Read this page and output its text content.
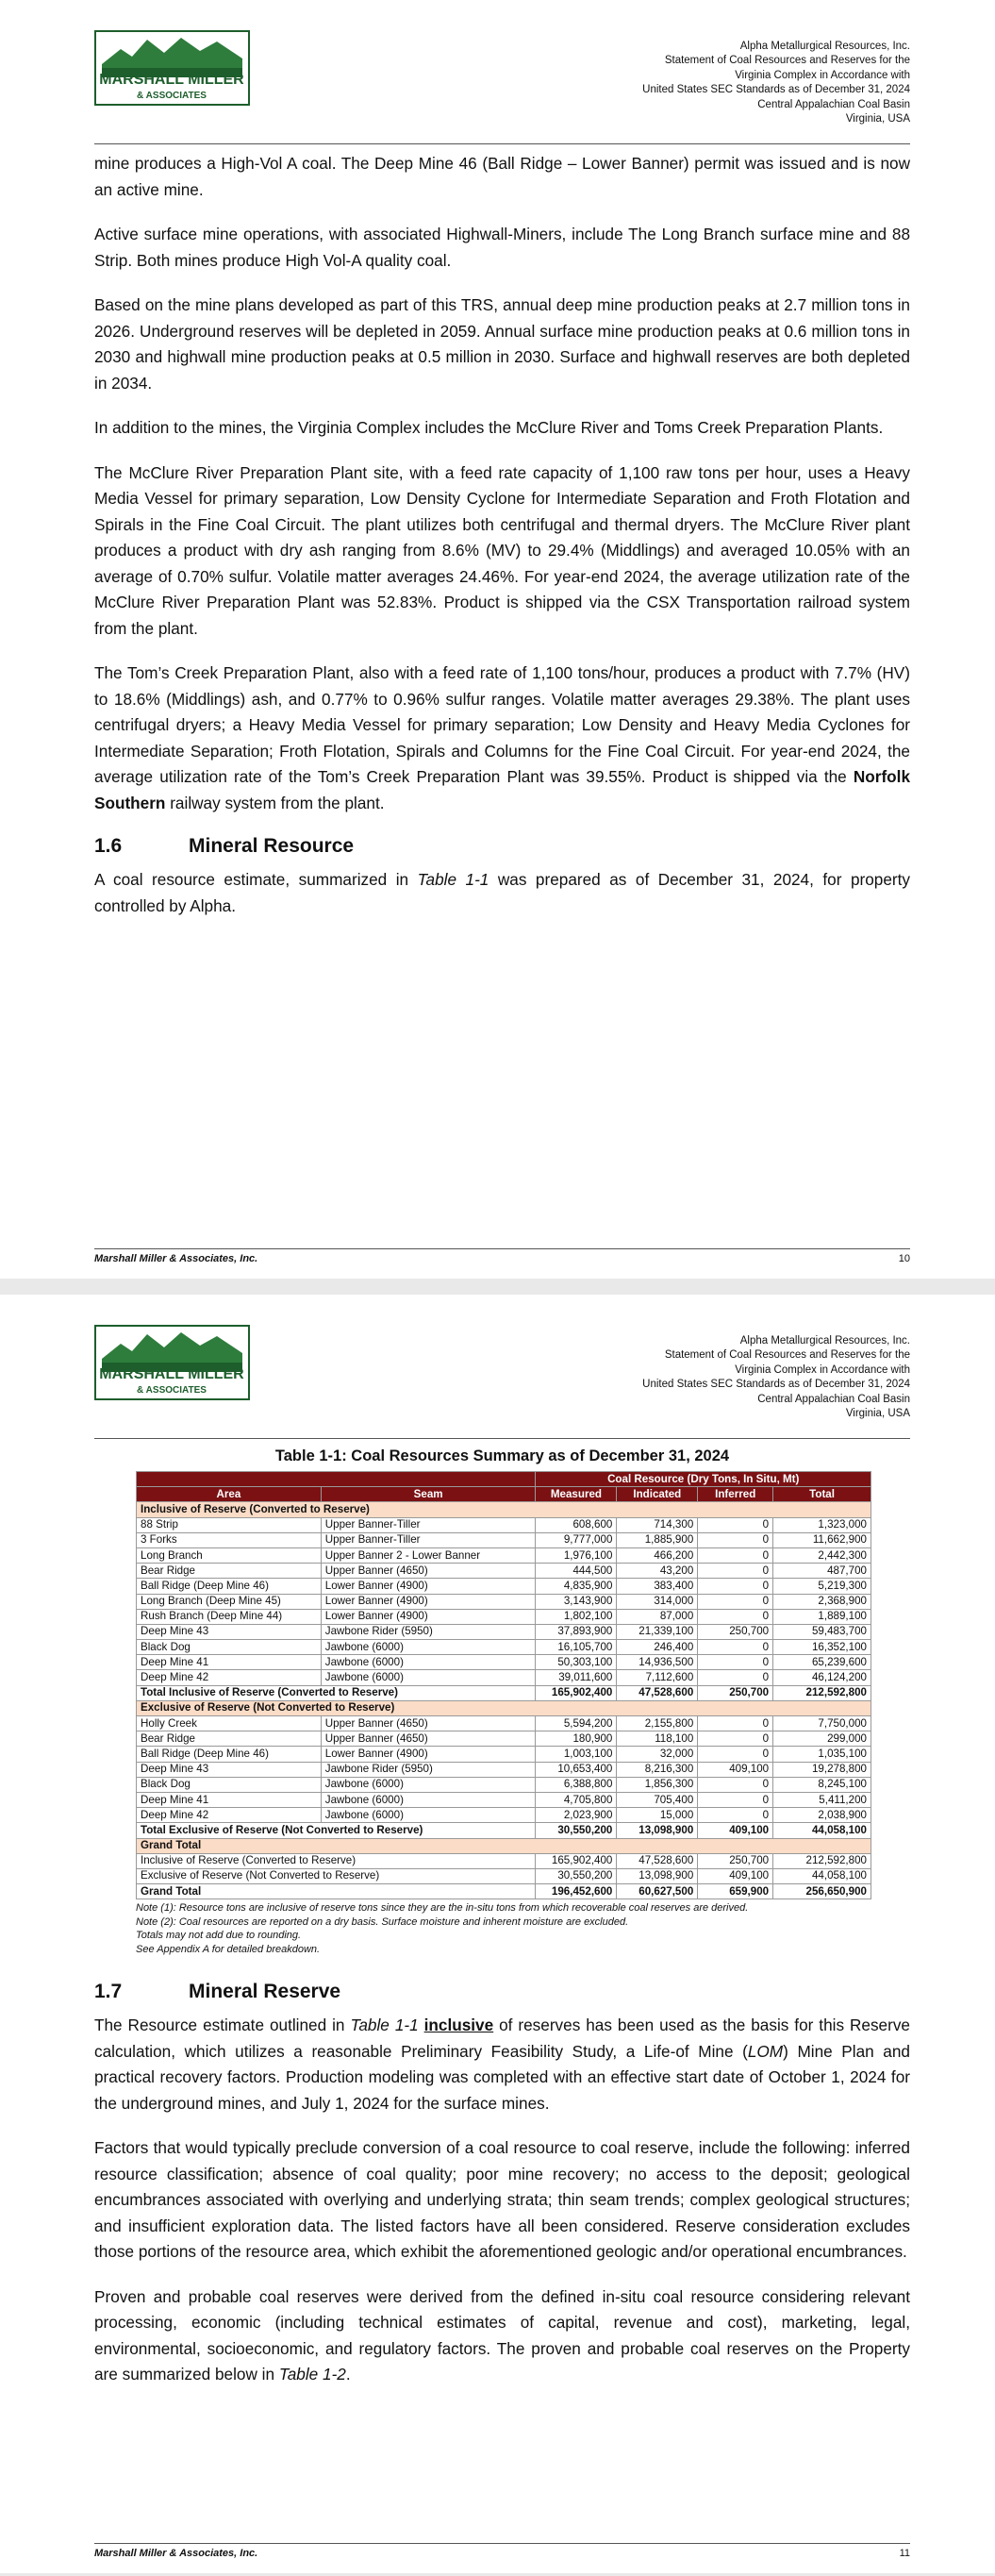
MARSHALL MILLER
& ASSOCIATES
Alpha Metallurgical Resources, Inc.
Statement of Coal Resources and Reserves for the
Virginia Complex in Accordance with
United States SEC Standards as of December 31, 2024
Central Appalachian Coal Basin
Virginia, USA

mine produces a High-Vol A coal. The Deep Mine 46 (Ball Ridge – Lower Banner) permit was issued and is now an active mine.

Active surface mine operations, with associated Highwall-Miners, include The Long Branch surface mine and 88 Strip. Both mines produce High Vol-A quality coal.

Based on the mine plans developed as part of this TRS, annual deep mine production peaks at 2.7 million tons in 2026. Underground reserves will be depleted in 2059. Annual surface mine production peaks at 0.6 million tons in 2030 and highwall mine production peaks at 0.5 million in 2030. Surface and highwall reserves are both depleted in 2034.

In addition to the mines, the Virginia Complex includes the McClure River and Toms Creek Preparation Plants.

The McClure River Preparation Plant site, with a feed rate capacity of 1,100 raw tons per hour, uses a Heavy Media Vessel for primary separation, Low Density Cyclone for Intermediate Separation and Froth Flotation and Spirals in the Fine Coal Circuit. The plant utilizes both centrifugal and thermal dryers. The McClure River plant produces a product with dry ash ranging from 8.6% (MV) to 29.4% (Middlings) and averaged 10.05% with an average of 0.70% sulfur. Volatile matter averages 24.46%. For year-end 2024, the average utilization rate of the McClure River Preparation Plant was 52.83%. Product is shipped via the CSX Transportation railroad system from the plant.

The Tom’s Creek Preparation Plant, also with a feed rate of 1,100 tons/hour, produces a product with 7.7% (HV) to 18.6% (Middlings) ash, and 0.77% to 0.96% sulfur ranges. Volatile matter averages 29.38%. The plant uses centrifugal dryers; a Heavy Media Vessel for primary separation; Low Density and Heavy Media Cyclones for Intermediate Separation; Froth Flotation, Spirals and Columns for the Fine Coal Circuit. For year-end 2024, the average utilization rate of the Tom’s Creek Preparation Plant was 39.55%. Product is shipped via the Norfolk Southern railway system from the plant.

1.6	Mineral Resource

A coal resource estimate, summarized in Table 1-1 was prepared as of December 31, 2024, for property controlled by Alpha.

Marshall Miller & Associates, Inc.	10
MARSHALL MILLER
& ASSOCIATES
Alpha Metallurgical Resources, Inc.
Statement of Coal Resources and Reserves for the
Virginia Complex in Accordance with
United States SEC Standards as of December 31, 2024
Central Appalachian Coal Basin
Virginia, USA
Table 1-1: Coal Resources Summary as of December 31, 2024
		Coal Resource (Dry Tons, In Situ, Mt)			
Area	Seam	Measured	Indicated	Inferred	Total
Inclusive of Reserve (Converted to Reserve)					
88 Strip	Upper Banner-Tiller	608,600	714,300	0	1,323,000
3 Forks	Upper Banner-Tiller	9,777,000	1,885,900	0	11,662,900
Long Branch	Upper Banner 2 - Lower Banner	1,976,100	466,200	0	2,442,300
Bear Ridge	Upper Banner (4650)	444,500	43,200	0	487,700
Ball Ridge (Deep Mine 46)	Lower Banner (4900)	4,835,900	383,400	0	5,219,300
Long Branch (Deep Mine 45)	Lower Banner (4900)	3,143,900	314,000	0	2,368,900
Rush Branch (Deep Mine 44)	Lower Banner (4900)	1,802,100	87,000	0	1,889,100
Deep Mine 43	Jawbone Rider (5950)	37,893,900	21,339,100	250,700	59,483,700
Black Dog	Jawbone (6000)	16,105,700	246,400	0	16,352,100
Deep Mine 41	Jawbone (6000)	50,303,100	14,936,500	0	65,239,600
Deep Mine 42	Jawbone (6000)	39,011,600	7,112,600	0	46,124,200
Total Inclusive of Reserve (Converted to Reserve)		165,902,400	47,528,600	250,700	212,592,800
Exclusive of Reserve (Not Converted to Reserve)					
Holly Creek	Upper Banner (4650)	5,594,200	2,155,800	0	7,750,000
Bear Ridge	Upper Banner (4650)	180,900	118,100	0	299,000
Ball Ridge (Deep Mine 46)	Lower Banner (4900)	1,003,100	32,000	0	1,035,100
Deep Mine 43	Jawbone Rider (5950)	10,653,400	8,216,300	409,100	19,278,800
Black Dog	Jawbone (6000)	6,388,800	1,856,300	0	8,245,100
Deep Mine 41	Jawbone (6000)	4,705,800	705,400	0	5,411,200
Deep Mine 42	Jawbone (6000)	2,023,900	15,000	0	2,038,900
Total Exclusive of Reserve (Not Converted to Reserve)		30,550,200	13,098,900	409,100	44,058,100
Grand Total					
Inclusive of Reserve (Converted to Reserve)		165,902,400	47,528,600	250,700	212,592,800
Exclusive of Reserve (Not Converted to Reserve)		30,550,200	13,098,900	409,100	44,058,100
Grand Total		196,452,600	60,627,500	659,900	256,650,900
Note (1): Resource tons are inclusive of reserve tons since they are the in-situ tons from which recoverable coal reserves are derived.
Note (2): Coal resources are reported on a dry basis. Surface moisture and inherent moisture are excluded.
Totals may not add due to rounding.
See Appendix A for detailed breakdown.
1.7	Mineral Reserve

The Resource estimate outlined in Table 1-1 inclusive of reserves has been used as the basis for this Reserve calculation, which utilizes a reasonable Preliminary Feasibility Study, a Life-of Mine (LOM) Mine Plan and practical recovery factors. Production modeling was completed with an effective start date of October 1, 2024 for the underground mines, and July 1, 2024 for the surface mines.

Factors that would typically preclude conversion of a coal resource to coal reserve, include the following: inferred resource classification; absence of coal quality; poor mine recovery; no access to the deposit; geological encumbrances associated with overlying and underlying strata; thin seam trends; complex geological structures; and insufficient exploration data. The listed factors have all been considered. Reserve consideration excludes those portions of the resource area, which exhibit the aforementioned geologic and/or operational encumbrances.

Proven and probable coal reserves were derived from the defined in-situ coal resource considering relevant processing, economic (including technical estimates of capital, revenue and cost), marketing, legal, environmental, socioeconomic, and regulatory factors. The proven and probable coal reserves on the Property are summarized below in Table 1-2.

Marshall Miller & Associates, Inc.	11
